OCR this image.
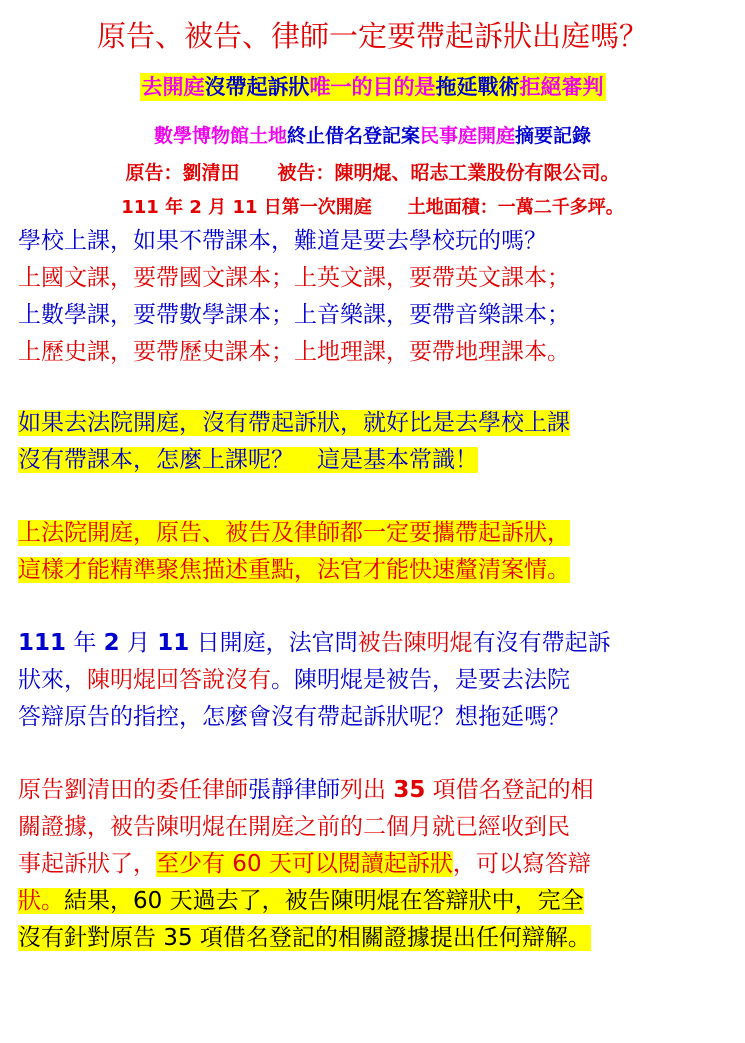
原告、被告、律師一定要帶起訴狀出庭嗎？
去開庭沒帶起訴狀唯一的目的是拖延戰術拒絕審判
數學博物館土地終止借名登記案民事庭開庭摘要記錄
原告：劉清田　　被告：陳明焜、昭志工業股份有限公司。
111 年 2 月 11 日第一次開庭　　土地面積：一萬二千多坪。
學校上課，如果不帶課本，難道是要去學校玩的嗎？
上國文課，要帶國文課本；上英文課，要帶英文課本；
上數學課，要帶數學課本；上音樂課，要帶音樂課本；
上歷史課，要帶歷史課本；上地理課，要帶地理課本。
如果去法院開庭，沒有帶起訴狀，就好比是去學校上課
沒有帶課本，怎麼上課呢？　這是基本常識！
上法院開庭，原告、被告及律師都一定要攜帶起訴狀，
這樣才能精準聚焦描述重點，法官才能快速釐清案情。
111 年 2 月 11 日開庭，法官問被告陳明焜有沒有帶起訴
狀來，陳明焜回答說沒有。陳明焜是被告，是要去法院
答辯原告的指控，怎麼會沒有帶起訴狀呢？想拖延嗎？
原告劉清田的委任律師張靜律師列出 35 項借名登記的相
關證據，被告陳明焜在開庭之前的二個月就已經收到民
事起訴狀了，至少有 60 天可以閱讀起訴狀，可以寫答辯
狀。結果，60 天過去了，被告陳明焜在答辯狀中，完全
沒有針對原告 35 項借名登記的相關證據提出任何辯解。
